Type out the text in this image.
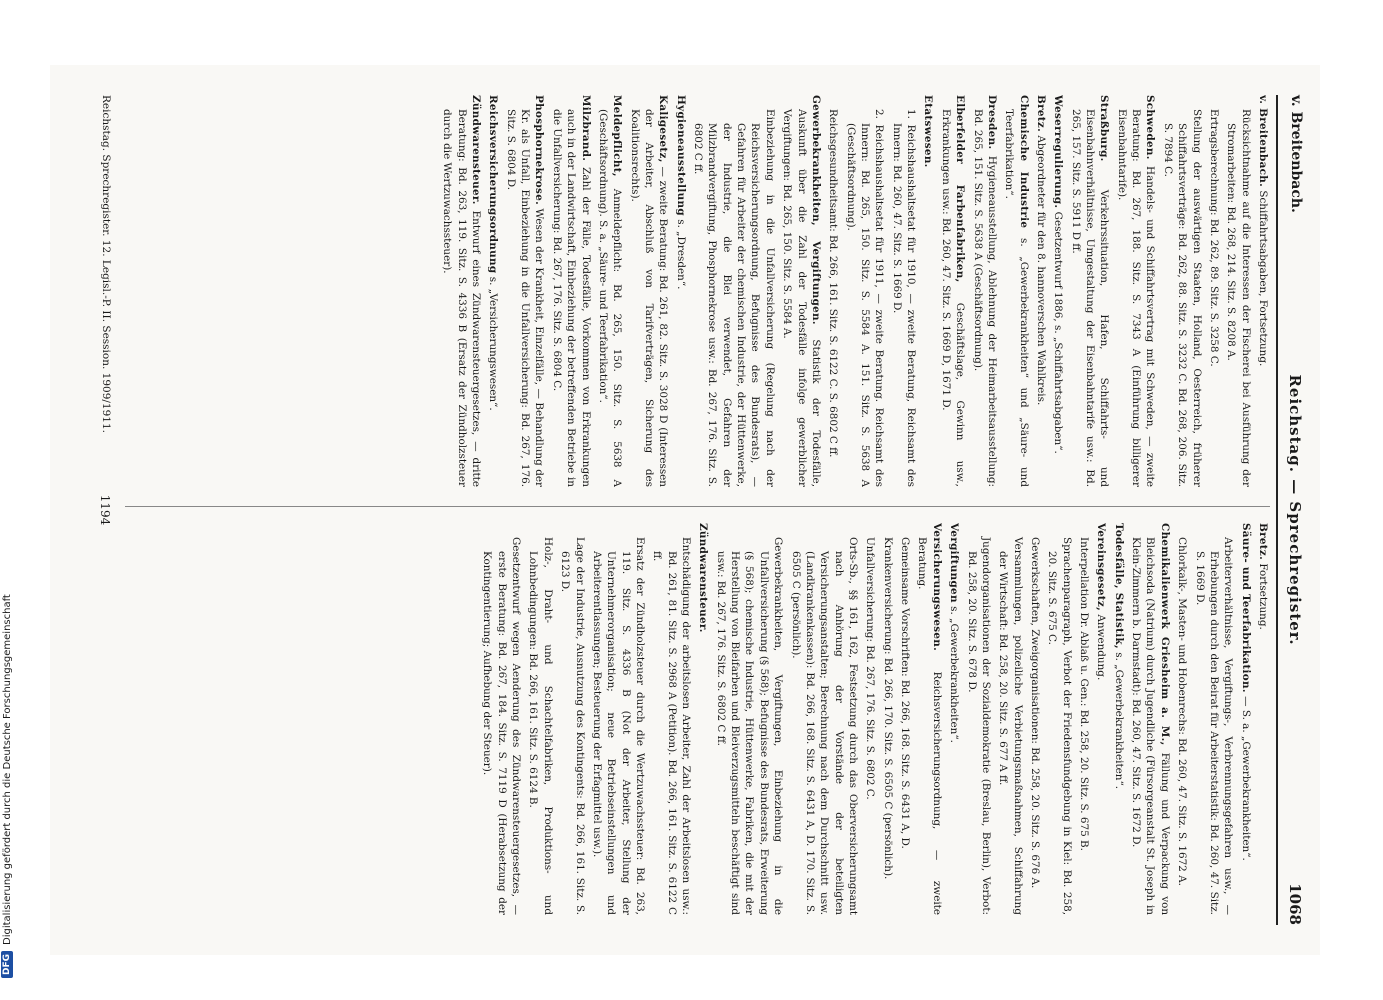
v. Breitenbach.
Reichstag. — Sprechregister.
1068

v. Breitenbach. Schiffahrtsabgaben, Fortsetzung.

Rücksichtnahme auf die Interessen der Fischerei bei Ausführung der Stromarbeiten: Bd. 268, 214. Sitz. S. 8208 A.

Ertragsberechnung: Bd. 262, 89. Sitz. S. 3258 C.

Stellung der auswärtigen Staaten, Holland, Oesterreich, früherer Schiffahrtsverträge: Bd. 262, 88. Sitz. S. 3232 C. Bd. 268, 206. Sitz. S. 7894 C.

Schweden. Handels- und Schiffahrtsvertrag mit Schweden, — zweite Beratung: Bd. 267, 188. Sitz. S. 7343 A (Einführung billigerer Eisenbahntarife).

Straßburg. Verkehrssituation, Hafen, Schiffahrts- und Eisenbahnverhältnisse, Umgestaltung der Eisenbahntarife usw.: Bd. 265, 157. Sitz. S. 5911 D ff.

Weserregulierung. Gesetzentwurf 1886, s. „Schiffahrtsabgaben“.

Bretz. Abgeordneter für den 8. hannoverschen Wahlkreis.

Chemische Industrie s. „Gewerbekrankheiten“ und „Säure- und Teerfabrikation“.

Dresden. Hygieneausstellung, Ablehnung der Heimarbeitsausstellung: Bd. 265, 151. Sitz. S. 5638 A (Geschäftsordnung).

Elberfelder Farbenfabriken, Geschäftslage, Gewinn usw., Erkrankungen usw.: Bd. 260, 47. Sitz. S. 1669 D, 1671 D.

Etatswesen.

1. Reichshaushaltsetat für 1910, — zweite Beratung, Reichsamt des Innern: Bd. 260, 47. Sitz. S. 1669 D.

2. Reichshaushaltsetat für 1911, — zweite Beratung. Reichsamt des Innern: Bd. 265, 150. Sitz. S. 5584 A. 151. Sitz. S. 5638 A (Geschäftsordnung).

Reichsgesundheitsamt: Bd. 266, 161. Sitz. S. 6122 C. S. 6802 C ff.

Gewerbekrankheiten, Vergiftungen. Statistik der Todesfälle, Auskunft über die Zahl der Todesfälle infolge gewerblicher Vergiftungen: Bd. 265, 150. Sitz. S. 5584 A.

Einbeziehung in die Unfallversicherung (Regelung nach der Reichsversicherungsordnung, Befugnisse des Bundesrats), — Gefahren für Arbeiter der chemischen Industrie, der Hüttenwerke, der Industrie, die Blei verwendet, Gefahren der Milzbrandvergiftung, Phosphornekrose usw.: Bd. 267, 176. Sitz. S. 6802 C ff.

Hygieneausstellung s. „Dresden“.

Kaligesetz, — zweite Beratung: Bd. 261, 82. Sitz. S. 3028 D (Interessen der Arbeiter, Abschluß von Tarifverträgen, Sicherung des Koalitionsrechts).

Meldepflicht, Anmeldepflicht: Bd. 265, 150. Sitz. S. 5638 A (Geschäftsordnung). S. a. „Säure- und Teerfabrikation“.

Milzbrand. Zahl der Fälle, Todesfälle, Vorkommen von Erkrankungen auch in der Landwirtschaft, Einbeziehung der betreffenden Betriebe in die Unfallversicherung: Bd. 267, 176. Sitz. S. 6804 C.

Phosphornekrose. Wesen der Krankheit, Einzelfälle, — Behandlung der Kr. als Unfall, Einbeziehung in die Unfallversicherung: Bd. 267, 176. Sitz. S. 6804 D.

Reichsversicherungsordnung s. „Versicherungswesen“.

Zündwarensteuer. Entwurf eines Zündwarensteuergesetzes, — dritte Beratung: Bd. 263, 119. Sitz. S. 4336 B (Ersatz der Zündholzsteuer durch die Wertzuwachssteuer).

Bretz. Fortsetzung.

Säure- und Teerfabrikation. — S. a. „Gewerbekrankheiten“.

Arbeiterverhältnisse, Vergiftungs-, Verbrennungsgefahren usw., — Erhebungen durch den Beirat für Arbeiterstatistik: Bd. 260, 47. Sitz. S. 1669 D.

Chlorkalk-, Masten- und Hobenrechs: Bd. 260, 47. Sitz. S. 1672 A.

Chemikalienwerk Griesheim a. M., Fällung und Verpackung von Bleichsoda (Natrium) durch Jugendliche (Fürsorgeanstalt St. Joseph in Klein-Zimmern b. Darmstadt): Bd. 260, 47. Sitz. S. 1672 D.

Todesfälle, Statistik, s. „Gewerbekrankheiten“.

Vereinsgesetz, Anwendung.

Interpellation Dr. Ablaß u. Gen.: Bd. 258, 20. Sitz. S. 675 B.

Sprachenparagraph, Verbot der Friedensfundgebung in Kiel: Bd. 258, 20. Sitz. S. 675 C.

Gewerkschaften, Zweigorganisationen: Bd. 258, 20. Sitz. S. 676 A.

Versammlungen, polizeiliche Verbietungsmaßnahmen, Schiffahrung der Wirtschaft: Bd. 258, 20. Sitz. S. 677 A ff.

Jugendorganisationen der Sozialdemokratie (Breslau, Berlin), Verbot: Bd. 258, 20. Sitz. S. 678 D.

Vergiftungen s. „Gewerbekrankheiten“.

Versicherungswesen. Reichsversicherungsordnung, — zweite Beratung.

Gemeinsame Vorschriften: Bd. 266, 168. Sitz. S. 6431 A, D.

Krankenversicherung: Bd. 266, 170. Sitz. S. 6505 C (persönlich).

Unfallversicherung: Bd. 267, 176. Sitz. S. 6802 C.

Orts-Sb., §§ 161, 162, Festsetzung durch das Oberversicherungsamt nach Anhörung der Vorstände der beteiligten Versicherungsanstalten; Berechnung nach dem Durchschnitt usw. (Landkrankenkassen): Bd. 266, 168. Sitz. S. 6431 A, D. 170. Sitz. S. 6505 C (persönlich).

Gewerbekrankheiten, Vergiftungen, Einbeziehung in die Unfallversicherung (§ 568); Befugnisse des Bundesrats, Erweiterung (§ 568); chemische Industrie, Hüttenwerke, Fabriken, die mit der Herstellung von Bleifarben und Bleiverzugsmitteln beschäftigt sind usw.: Bd. 267, 176. Sitz. S. 6802 C ff.

Zündwarensteuer.

Entschädigung der arbeitslosen Arbeiter, Zahl der Arbeitslosen usw.: Bd. 261, 81. Sitz. S. 2968 A (Petition). Bd. 266, 161. Sitz. S. 6122 C ff.

Ersatz der Zündholzsteuer durch die Wertzuwachssteuer: Bd. 263, 119. Sitz. S. 4336 B (Not der Arbeiter, Stellung der Unternehmerorganisation; neue Betriebseinstellungen und Arbeiterentlassungen; Besteuerung der Erfagmittel usw.).

Lage der Industrie, Ausnutzung des Kontingents: Bd. 266, 161. Sitz. S. 6123 D.

Holz-, Draht- und Schachtelfabriken, Produktions- und Lohnbedingungen: Bd. 266, 161. Sitz. S. 6124 B.

Gesetzentwurf wegen Aenderung des Zündwarensteuergesetzes, — erste Beratung: Bd. 267, 184. Sitz. S. 7119 D (Herabsetzung der Kontingentierung; Aufhebung der Steuer).

Reichstag. Sprechregister. 12. Legisl.-P. II. Session. 1909/1911.
1194
DFG
Digitalisierung gefördert durch die Deutsche Forschungsgemeinschaft
